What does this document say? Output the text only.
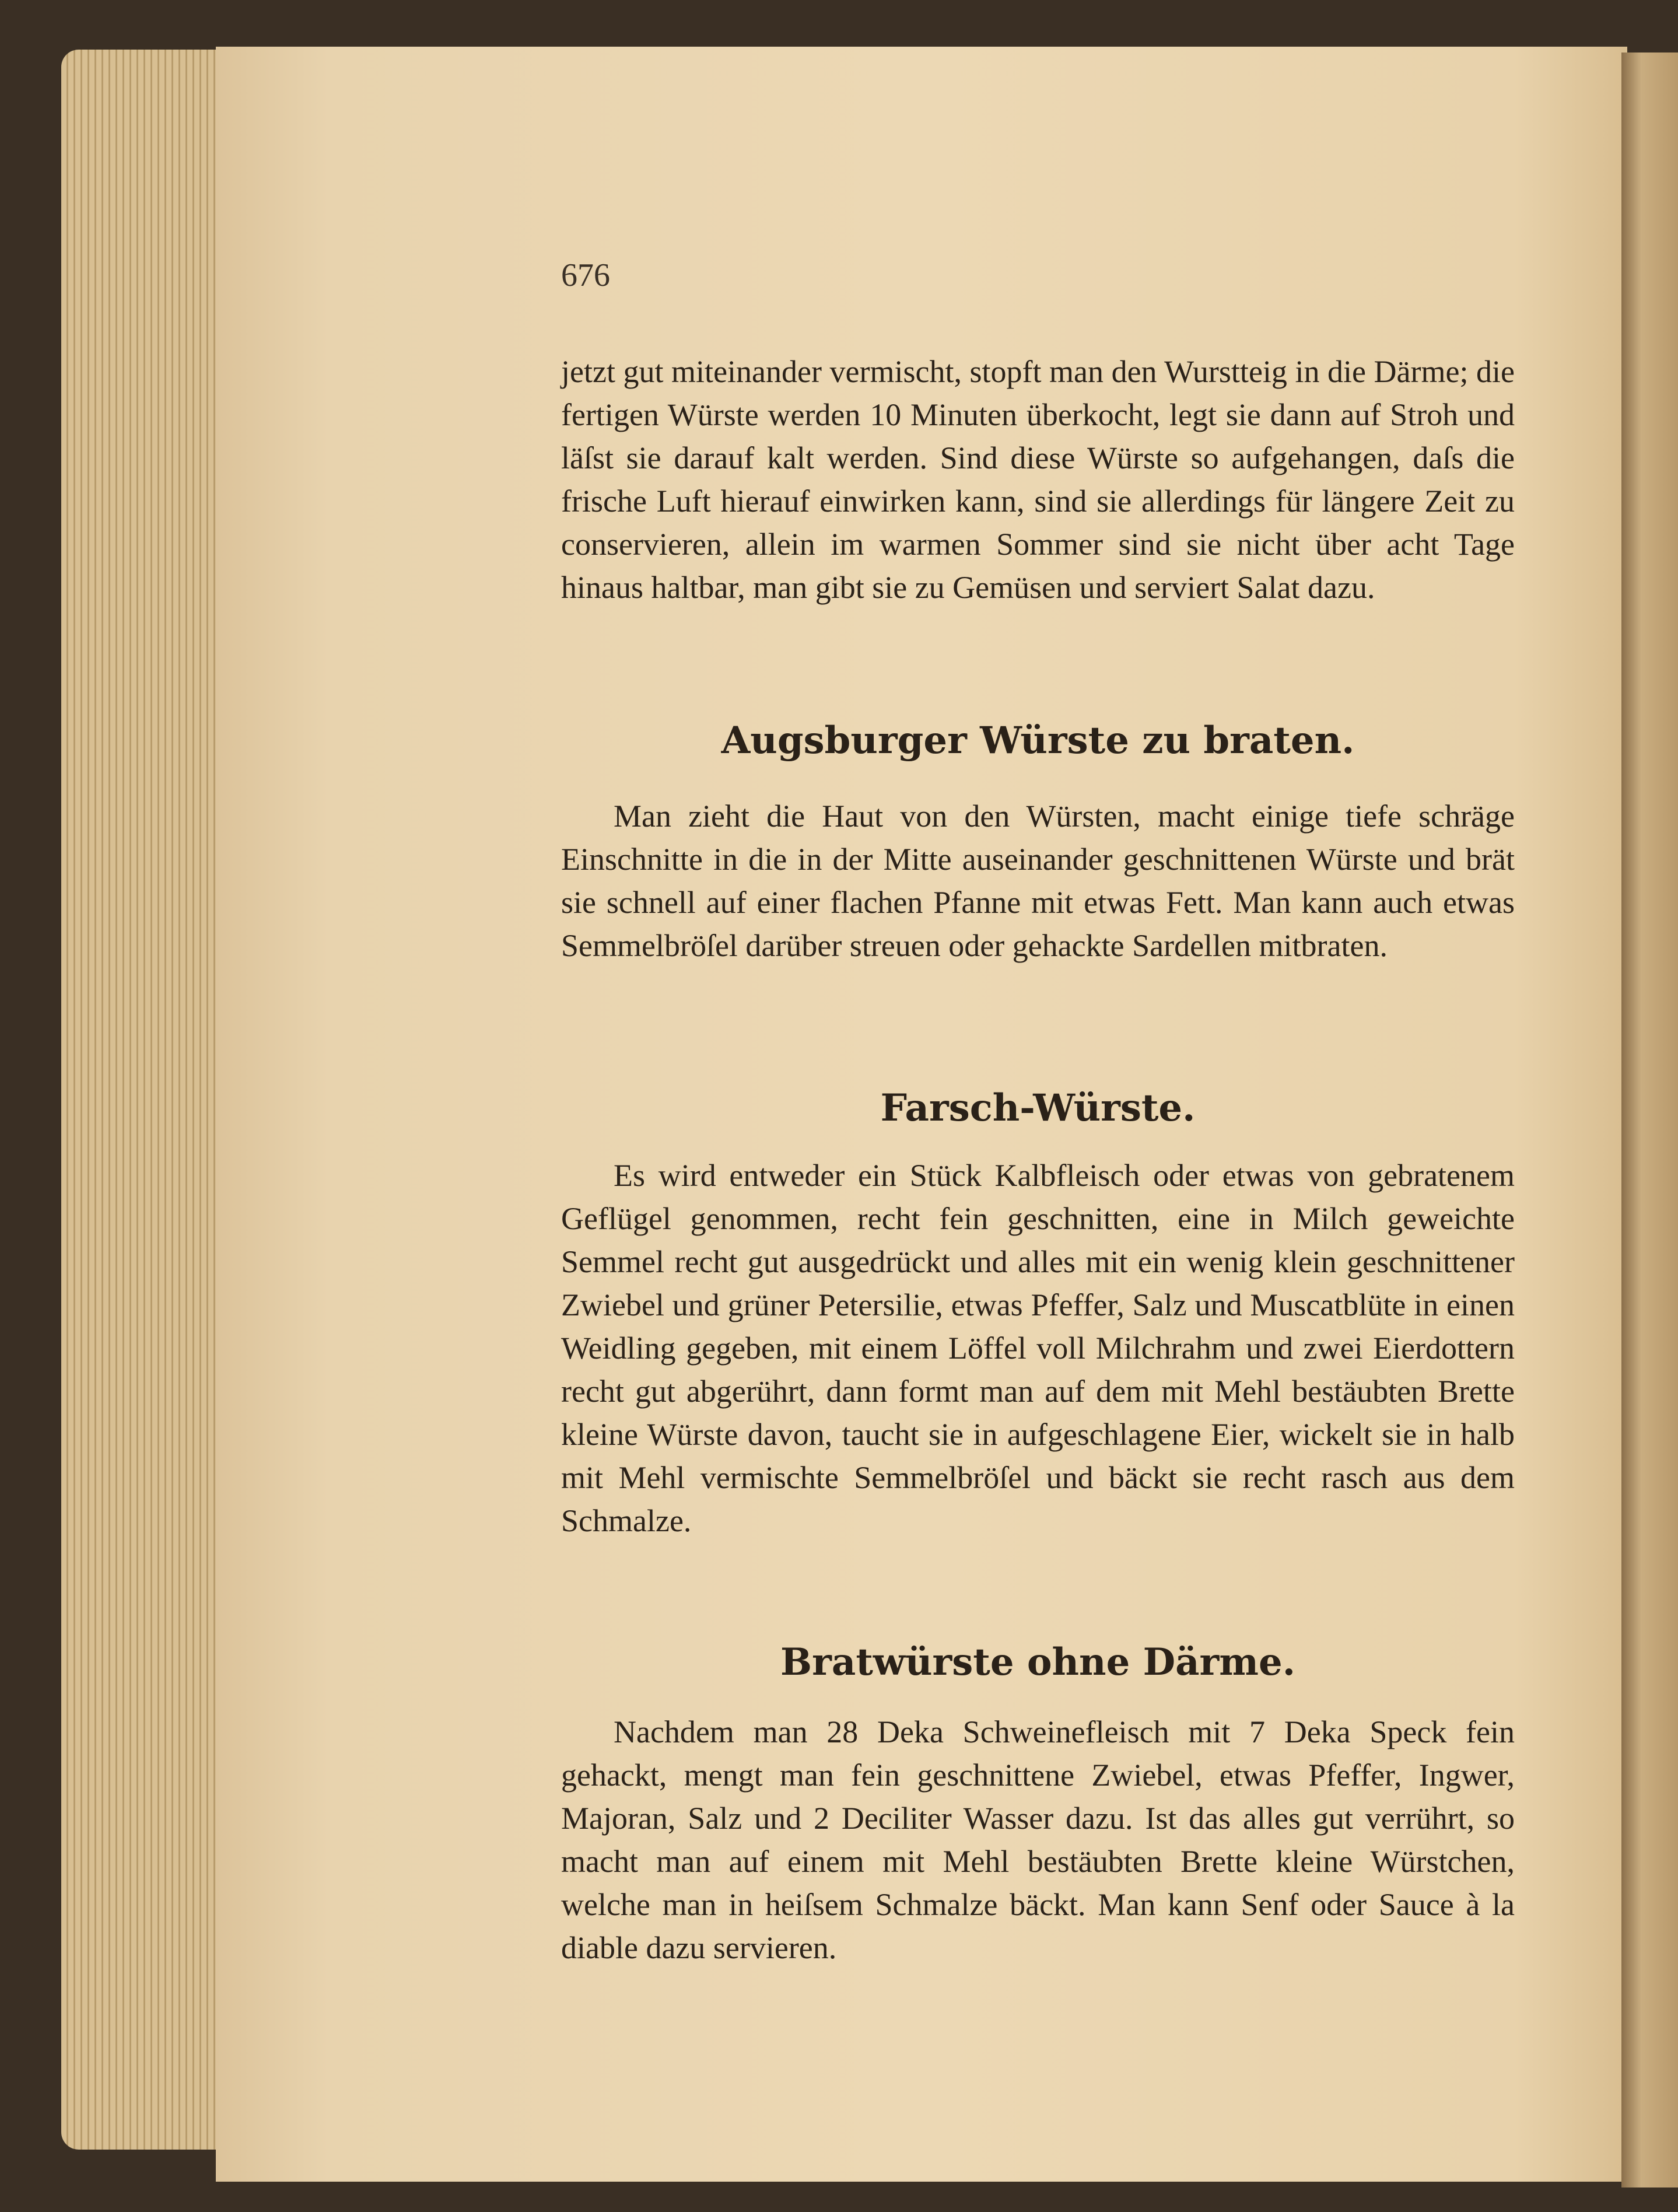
676

jetzt gut miteinander vermischt, stopft man den Wurstteig in die Därme; die fertigen Würste werden 10 Minuten überkocht, legt sie dann auf Stroh und läſst sie darauf kalt werden. Sind diese Würste so aufgehangen, daſs die frische Luft hierauf einwirken kann, sind sie allerdings für längere Zeit zu conservieren, allein im warmen Sommer sind sie nicht über acht Tage hinaus haltbar, man gibt sie zu Gemüsen und serviert Salat dazu.

Augsburger Würste zu braten.

Man zieht die Haut von den Würsten, macht einige tiefe schräge Einschnitte in die in der Mitte auseinander geschnittenen Würste und brät sie schnell auf einer flachen Pfanne mit etwas Fett. Man kann auch etwas Semmelbröſel darüber streuen oder gehackte Sardellen mitbraten.

Farsch-Würste.

Es wird entweder ein Stück Kalbfleisch oder etwas von gebratenem Geflügel genommen, recht fein geschnitten, eine in Milch geweichte Semmel recht gut ausgedrückt und alles mit ein wenig klein geschnittener Zwiebel und grüner Petersilie, etwas Pfeffer, Salz und Muscatblüte in einen Weidling gegeben, mit einem Löffel voll Milchrahm und zwei Eierdottern recht gut abgerührt, dann formt man auf dem mit Mehl bestäubten Brette kleine Würste davon, taucht sie in aufgeschlagene Eier, wickelt sie in halb mit Mehl vermischte Semmelbröſel und bäckt sie recht rasch aus dem Schmalze.

Bratwürste ohne Därme.

Nachdem man 28 Deka Schweinefleisch mit 7 Deka Speck fein gehackt, mengt man fein geschnittene Zwiebel, etwas Pfeffer, Ingwer, Majoran, Salz und 2 Deciliter Wasser dazu. Ist das alles gut verrührt, so macht man auf einem mit Mehl bestäubten Brette kleine Würstchen, welche man in heiſsem Schmalze bäckt. Man kann Senf oder Sauce à la diable dazu servieren.
